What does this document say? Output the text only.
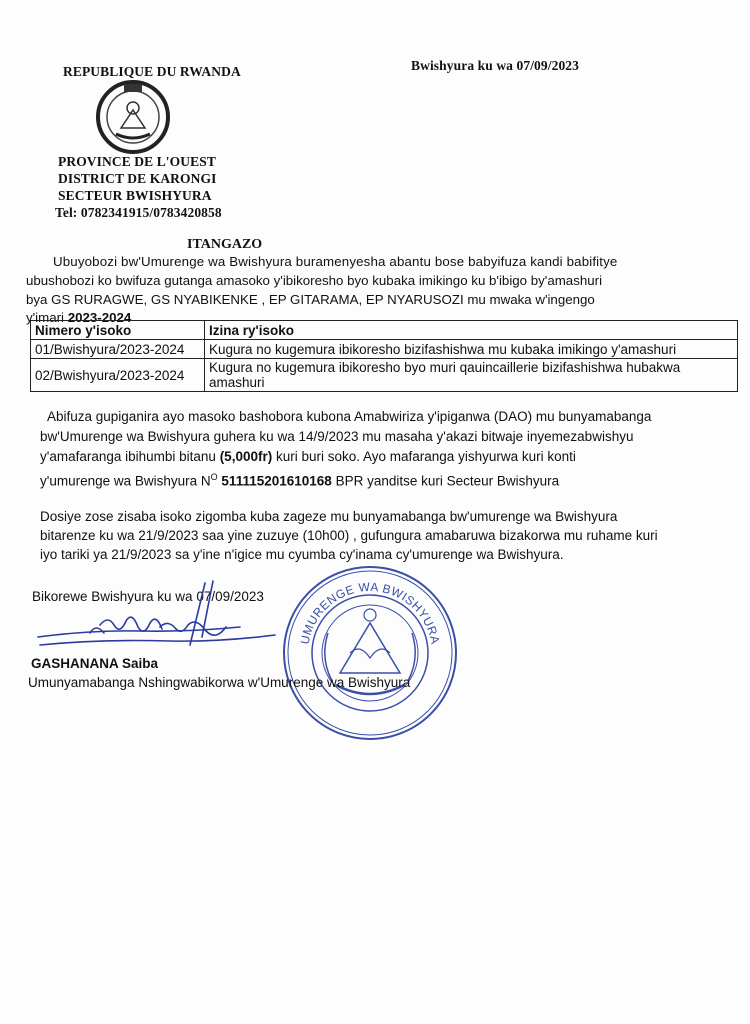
REPUBLIQUE DU RWANDA	Bwishyura ku wa 07/09/2023
PROVINCE DE L'OUEST
DISTRICT DE KARONGI
SECTEUR BWISHYURA
Tel: 0782341915/0783420858
ITANGAZO
Ubuyobozi bw'Umurenge wa Bwishyura buramenyesha abantu bose babyifuza kandi babifitye
ubushobozi ko bwifuza gutanga amasoko y'ibikoresho byo kubaka imikingo ku b'ibigo by'amashuri
bya GS RURAGWE, GS NYABIKENKE , EP GITARAMA, EP NYARUSOZI mu mwaka w'ingengo
y'imari 2023-2024
Nimero y'isoko	Izina ry'isoko
01/Bwishyura/2023-2024	Kugura no kugemura ibikoresho bizifashishwa mu kubaka imikingo y'amashuri
02/Bwishyura/2023-2024	Kugura no kugemura ibikoresho byo muri qauincaillerie bizifashishwa hubakwa amashuri
Abifuza gupiganira ayo masoko bashobora kubona Amabwiriza y'ipiganwa (DAO) mu bunyamabanga
bw'Umurenge wa Bwishyura guhera ku wa 14/9/2023 mu masaha y'akazi bitwaje inyemezabwishyu
y'amafaranga ibihumbi bitanu (5,000fr) kuri buri soko. Ayo mafaranga yishyurwa kuri konti
y'umurenge wa Bwishyura $N^O$ 511115201610168 BPR yanditse kuri Secteur Bwishyura
Dosiye zose zisaba isoko zigomba kuba zageze mu bunyamabanga bw'umurenge wa Bwishyura
bitarenze ku wa 21/9/2023 saa yine zuzuye (10h00) , gufungura amabaruwa bizakorwa mu ruhame kuri
iyo tariki ya 21/9/2023 sa y'ine n'igice mu cyumba cy'inama cy'umurenge wa Bwishyura.
Bikorewe Bwishyura ku wa 07/09/2023
UMURENGE WA BWISHYURA
GASHANANA Saiba
Umunyamabanga Nshingwabikorwa w'Umurenge wa Bwishyura
